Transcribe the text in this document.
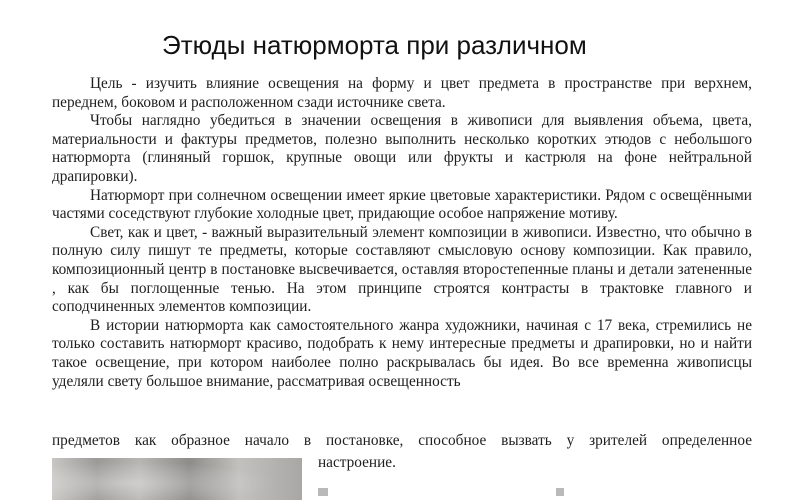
Этюды натюрморта при различном

Цель - изучить влияние освещения на форму и цвет предмета в пространстве при верхнем, переднем, боковом и расположенном сзади источнике света.

Чтобы наглядно убедиться в значении освещения в живописи для выявления объема, цвета, материальности и фактуры предметов, полезно выполнить несколько коротких этюдов с небольшого натюрморта (глиняный горшок, крупные овощи или фрукты и кастрюля на фоне нейтральной драпировки).

Натюрморт при солнечном освещении имеет яркие цветовые характеристики. Рядом с освещёнными частями соседствуют глубокие холодные цвет, придающие особое напряжение мотиву.

Свет, как и цвет, - важный выразительный элемент композиции в живописи. Известно, что обычно в полную силу пишут те предметы, которые составляют смысловую основу композиции. Как правило, композиционный центр в постановке высвечивается, оставляя второстепенные планы и детали затененные , как бы поглощенные тенью. На этом принципе строятся контрасты в трактовке главного и соподчиненных элементов композиции.

В истории натюрморта как самостоятельного жанра художники, начиная с 17 века, стремились не только составить натюрморт красиво, подобрать к нему интересные предметы и драпировки, но и найти такое освещение, при котором наиболее полно раскрывалась бы идея. Во все временна живописцы уделяли свету большое внимание, рассматривая освещенность

предметов как образное начало в постановке, способное вызвать у зрителей определенное
настроение.
